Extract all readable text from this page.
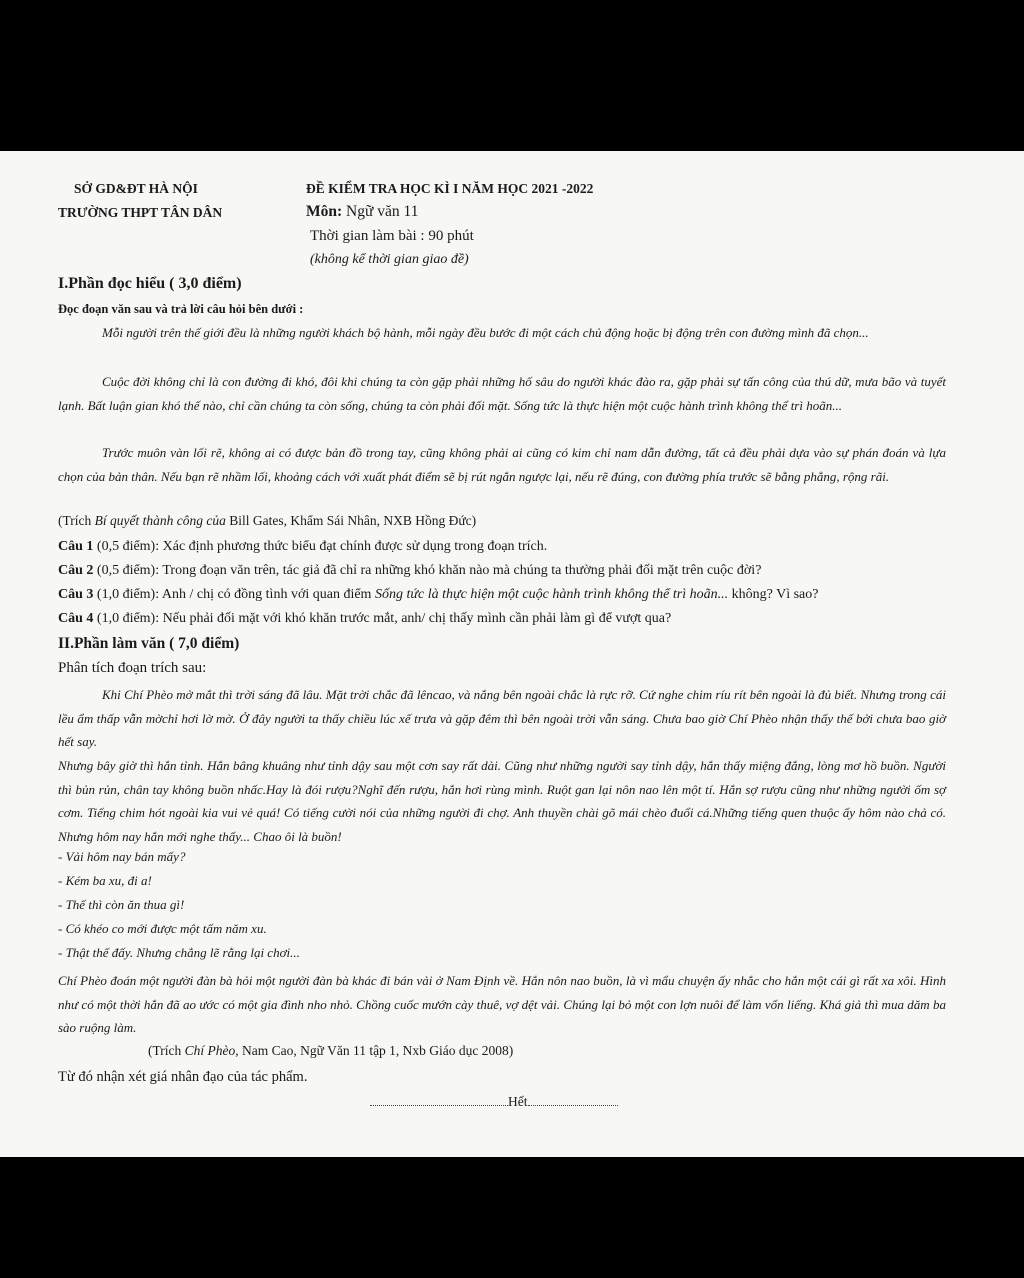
SỞ GD&ĐT HÀ NỘI
TRƯỜNG THPT TÂN DÂN
ĐỀ KIỂM TRA HỌC KÌ I NĂM HỌC 2021 -2022
Môn: Ngữ văn 11
Thời gian làm bài : 90 phút
(không kể thời gian giao đề)
I.Phần đọc hiểu ( 3,0 điểm)
Đọc đoạn văn sau và trả lời câu hỏi bên dưới :
Mỗi người trên thế giới đều là những người khách bộ hành, mỗi ngày đều bước đi một cách chủ động hoặc bị động trên con đường mình đã chọn...
Cuộc đời không chỉ là con đường đi khó, đôi khi chúng ta còn gặp phải những hố sâu do người khác đào ra, gặp phải sự tấn công của thú dữ, mưa bão và tuyết lạnh. Bất luận gian khó thế nào, chỉ cần chúng ta còn sống, chúng ta còn phải đối mặt. Sống tức là thực hiện một cuộc hành trình không thể trì hoãn...
Trước muôn vàn lối rẽ, không ai có được bản đồ trong tay, cũng không phải ai cũng có kim chỉ nam dẫn đường, tất cả đều phải dựa vào sự phán đoán và lựa chọn của bản thân. Nếu bạn rẽ nhầm lối, khoảng cách với xuất phát điểm sẽ bị rút ngắn ngược lại, nếu rẽ đúng, con đường phía trước sẽ bằng phẳng, rộng rãi.
(Trích Bí quyết thành công của Bill Gates, Khẩm Sái Nhân, NXB Hồng Đức)
Câu 1 (0,5 điểm): Xác định phương thức biểu đạt chính được sử dụng trong đoạn trích.
Câu 2 (0,5 điểm): Trong đoạn văn trên, tác giả đã chỉ ra những khó khăn nào mà chúng ta thường phải đối mặt trên cuộc đời?
Câu 3 (1,0 điểm): Anh / chị có đồng tình với quan điểm Sống tức là thực hiện một cuộc hành trình không thể trì hoãn... không? Vì sao?
Câu 4 (1,0 điểm): Nếu phải đối mặt với khó khăn trước mắt, anh/ chị thấy mình cần phải làm gì để vượt qua?
II.Phần làm văn ( 7,0 điểm)
Phân tích đoạn trích sau:
Khi Chí Phèo mở mắt thì trời sáng đã lâu. Mặt trời chắc đã lêncao, và nắng bên ngoài chắc là rực rỡ. Cứ nghe chim ríu rít bên ngoài là đủ biết. Nhưng trong cái lều ẩm thấp vẫn mờchỉ hơi lờ mờ. Ở đây người ta thấy chiều lúc xế trưa và gặp đêm thì bên ngoài trời vẫn sáng. Chưa bao giờ Chí Phèo nhận thấy thế bởi chưa bao giờ hết say.
Nhưng bây giờ thì hắn tỉnh. Hắn bâng khuâng như tỉnh dậy sau một cơn say rất dài. Cũng như những người say tỉnh dậy, hắn thấy miệng đắng, lòng mơ hồ buồn. Người thì bủn rủn, chân tay không buồn nhấc.Hay là đói rượu?Nghĩ đến rượu, hắn hơi rùng mình. Ruột gan lại nôn nao lên một tí. Hắn sợ rượu cũng như những người ốm sợ cơm. Tiếng chim hót ngoài kia vui vẻ quá! Có tiếng cười nói của những người đi chợ. Anh thuyền chài gõ mái chèo đuổi cá.Những tiếng quen thuộc ấy hôm nào chả có. Nhưng hôm nay hắn mới nghe thấy... Chao ôi là buồn!
- Vải hôm nay bán mấy?
- Kém ba xu, đi a!
- Thế thì còn ăn thua gì!
- Có khéo co mới được một tấm năm xu.
- Thật thế đấy. Nhưng chẳng lẽ rằng lại chơi...
Chí Phèo đoán một người đàn bà hỏi một người đàn bà khác đi bán vải ở Nam Định về. Hắn nôn nao buồn, là vì mẩu chuyện ấy nhắc cho hắn một cái gì rất xa xôi. Hình như có một thời hắn đã ao ước có một gia đình nho nhỏ. Chồng cuốc mướn cày thuê, vợ dệt vải. Chúng lại bỏ một con lợn nuôi để làm vốn liếng. Khá giả thì mua dăm ba sào ruộng làm.
(Trích Chí Phèo, Nam Cao, Ngữ Văn 11 tập 1, Nxb Giáo dục 2008)
Từ đó nhận xét giá nhân đạo của tác phẩm.
Hết
